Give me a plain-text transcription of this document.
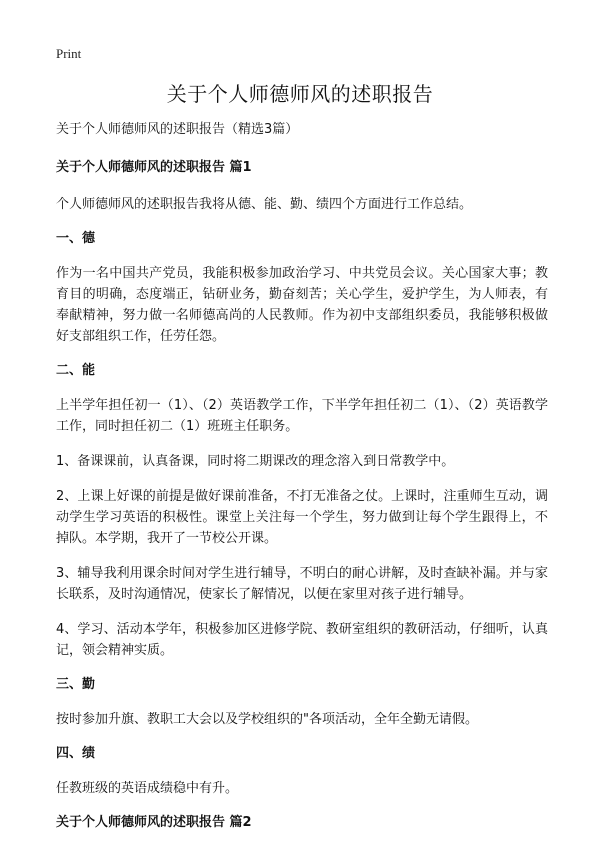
Print
关于个人师德师风的述职报告

关于个人师德师风的述职报告（精选3篇）

关于个人师德师风的述职报告 篇1

个人师德师风的述职报告我将从德、能、勤、绩四个方面进行工作总结。

一、德

作为一名中国共产党员，我能积极参加政治学习、中共党员会议。关心国家大事；教育目的明确，态度端正，钻研业务，勤奋刻苦；关心学生，爱护学生，为人师表，有奉献精神，努力做一名师德高尚的人民教师。作为初中支部组织委员，我能够积极做好支部组织工作，任劳任怨。

二、能

上半学年担任初一（1）、（2）英语教学工作，下半学年担任初二（1）、（2）英语教学工作，同时担任初二（1）班班主任职务。

1、备课课前，认真备课，同时将二期课改的理念溶入到日常教学中。

2、上课上好课的前提是做好课前准备，不打无准备之仗。上课时，注重师生互动，调动学生学习英语的积极性。课堂上关注每一个学生，努力做到让每个学生跟得上，不掉队。本学期，我开了一节校公开课。

3、辅导我利用课余时间对学生进行辅导，不明白的耐心讲解，及时查缺补漏。并与家长联系，及时沟通情况，使家长了解情况，以便在家里对孩子进行辅导。

4、学习、活动本学年，积极参加区进修学院、教研室组织的教研活动，仔细听，认真记，领会精神实质。

三、勤

按时参加升旗、教职工大会以及学校组织的"各项活动，全年全勤无请假。

四、绩

任教班级的英语成绩稳中有升。

关于个人师德师风的述职报告 篇2
